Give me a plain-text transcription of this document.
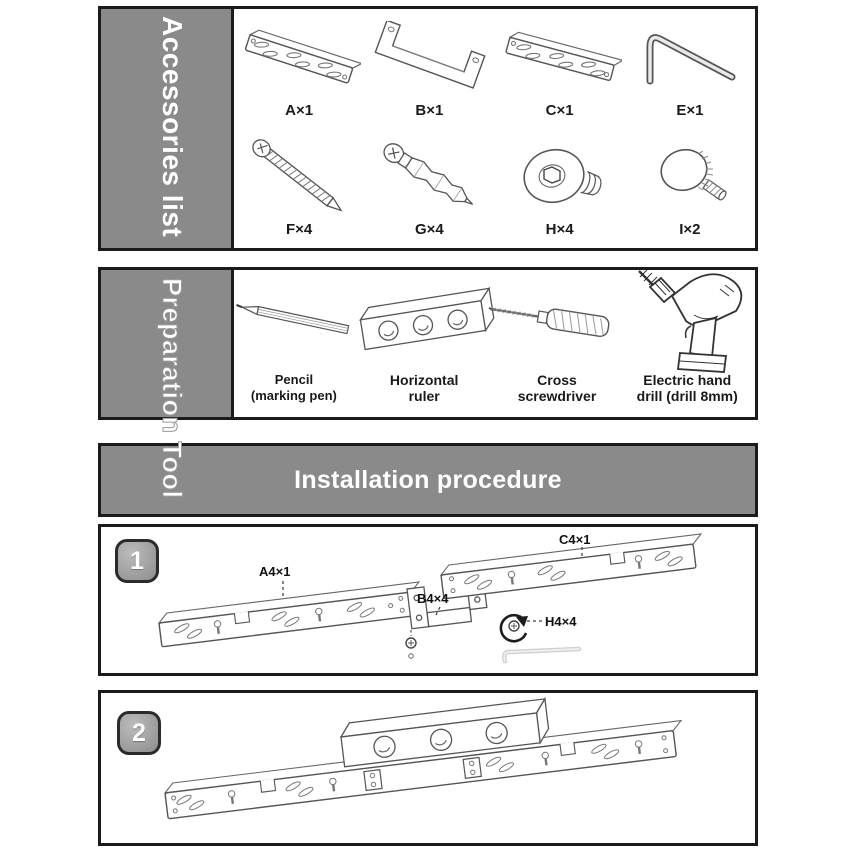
A×1	B×1	C×1	E×1
F×4	G×4	H×4	I×2
Accessories list
Pencil
(marking pen)
Horizontal
ruler
Cross
screwdriver
Electric hand
drill (drill 8mm)
Preparation Tool	Installation procedure
1	A4×1
B4×4
C4×1
H4×4
2
